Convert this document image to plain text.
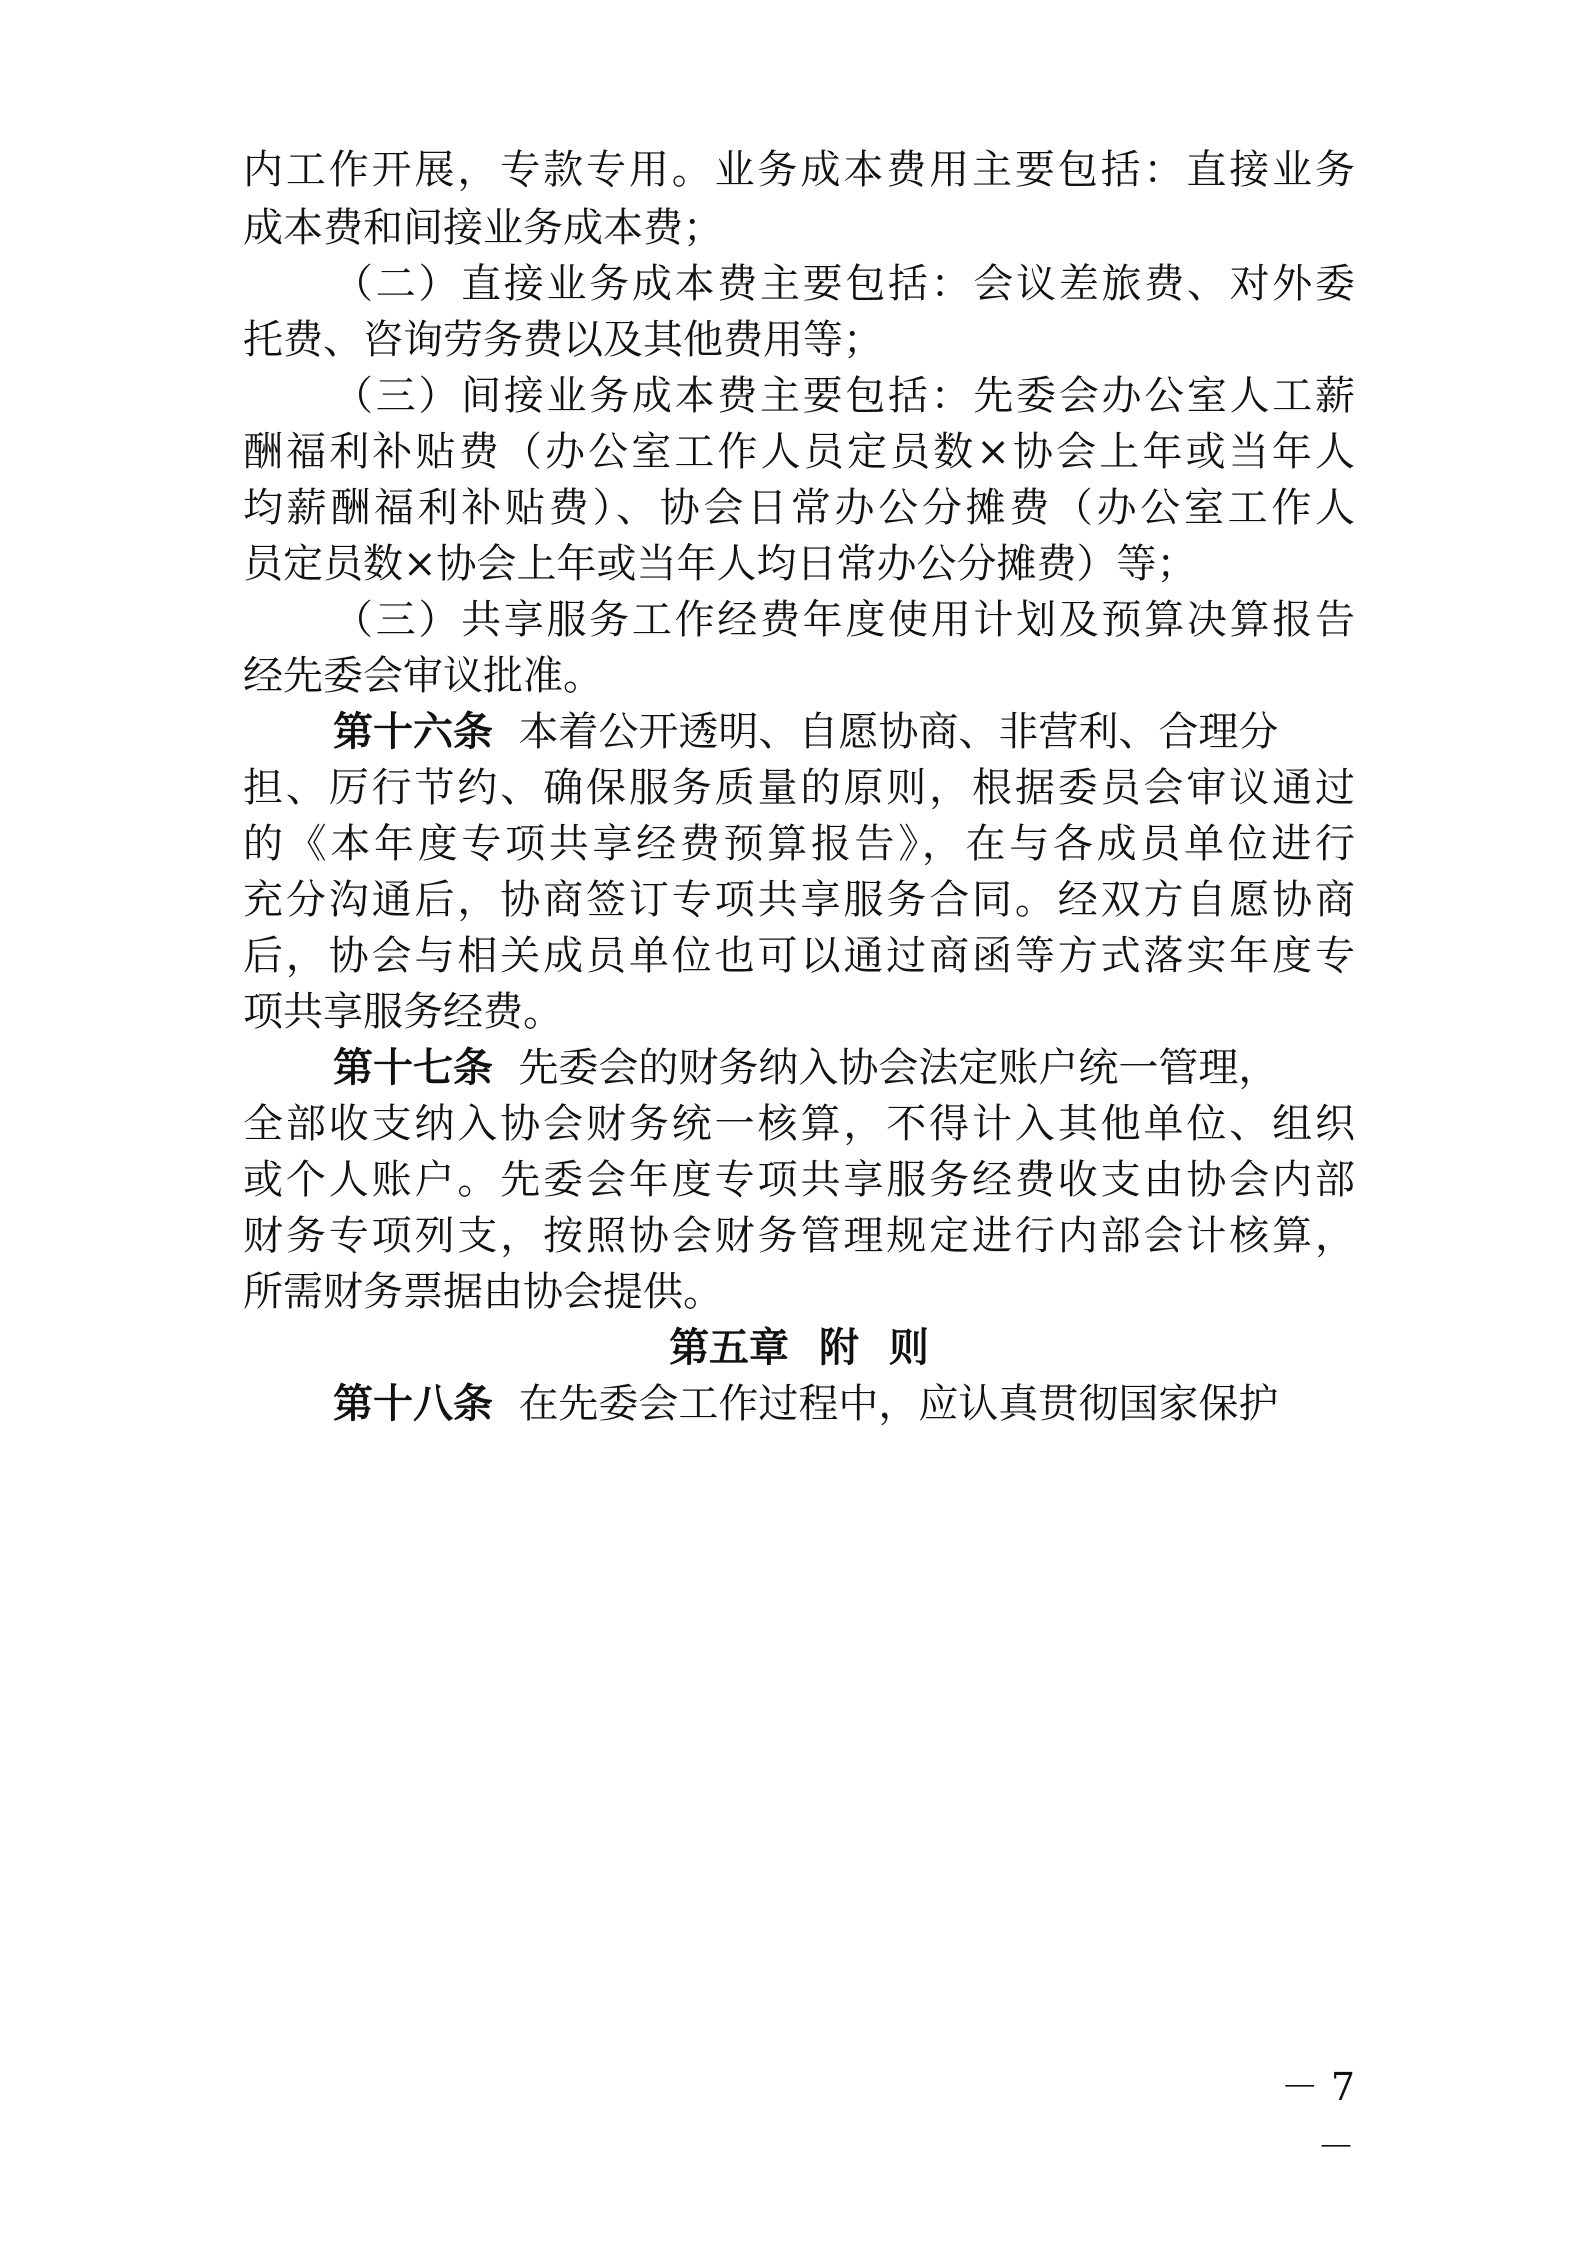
内工作开展，专款专用。业务成本费用主要包括：直接业务
成本费和间接业务成本费；
（二）直接业务成本费主要包括：会议差旅费、对外委
托费、咨询劳务费以及其他费用等；
（三）间接业务成本费主要包括：先委会办公室人工薪
酬福利补贴费（办公室工作人员定员数×协会上年或当年人
均薪酬福利补贴费）、协会日常办公分摊费（办公室工作人
员定员数×协会上年或当年人均日常办公分摊费）等；
（三）共享服务工作经费年度使用计划及预算决算报告
经先委会审议批准。
第十六条 本着公开透明、自愿协商、非营利、合理分
担、厉行节约、确保服务质量的原则，根据委员会审议通过
的《本年度专项共享经费预算报告》，在与各成员单位进行
充分沟通后，协商签订专项共享服务合同。经双方自愿协商
后，协会与相关成员单位也可以通过商函等方式落实年度专
项共享服务经费。
第十七条 先委会的财务纳入协会法定账户统一管理，
全部收支纳入协会财务统一核算，不得计入其他单位、组织
或个人账户。先委会年度专项共享服务经费收支由协会内部
财务专项列支，按照协会财务管理规定进行内部会计核算，
所需财务票据由协会提供。
第五章 附 则
第十八条 在先委会工作过程中，应认真贯彻国家保护
－ 7 －
